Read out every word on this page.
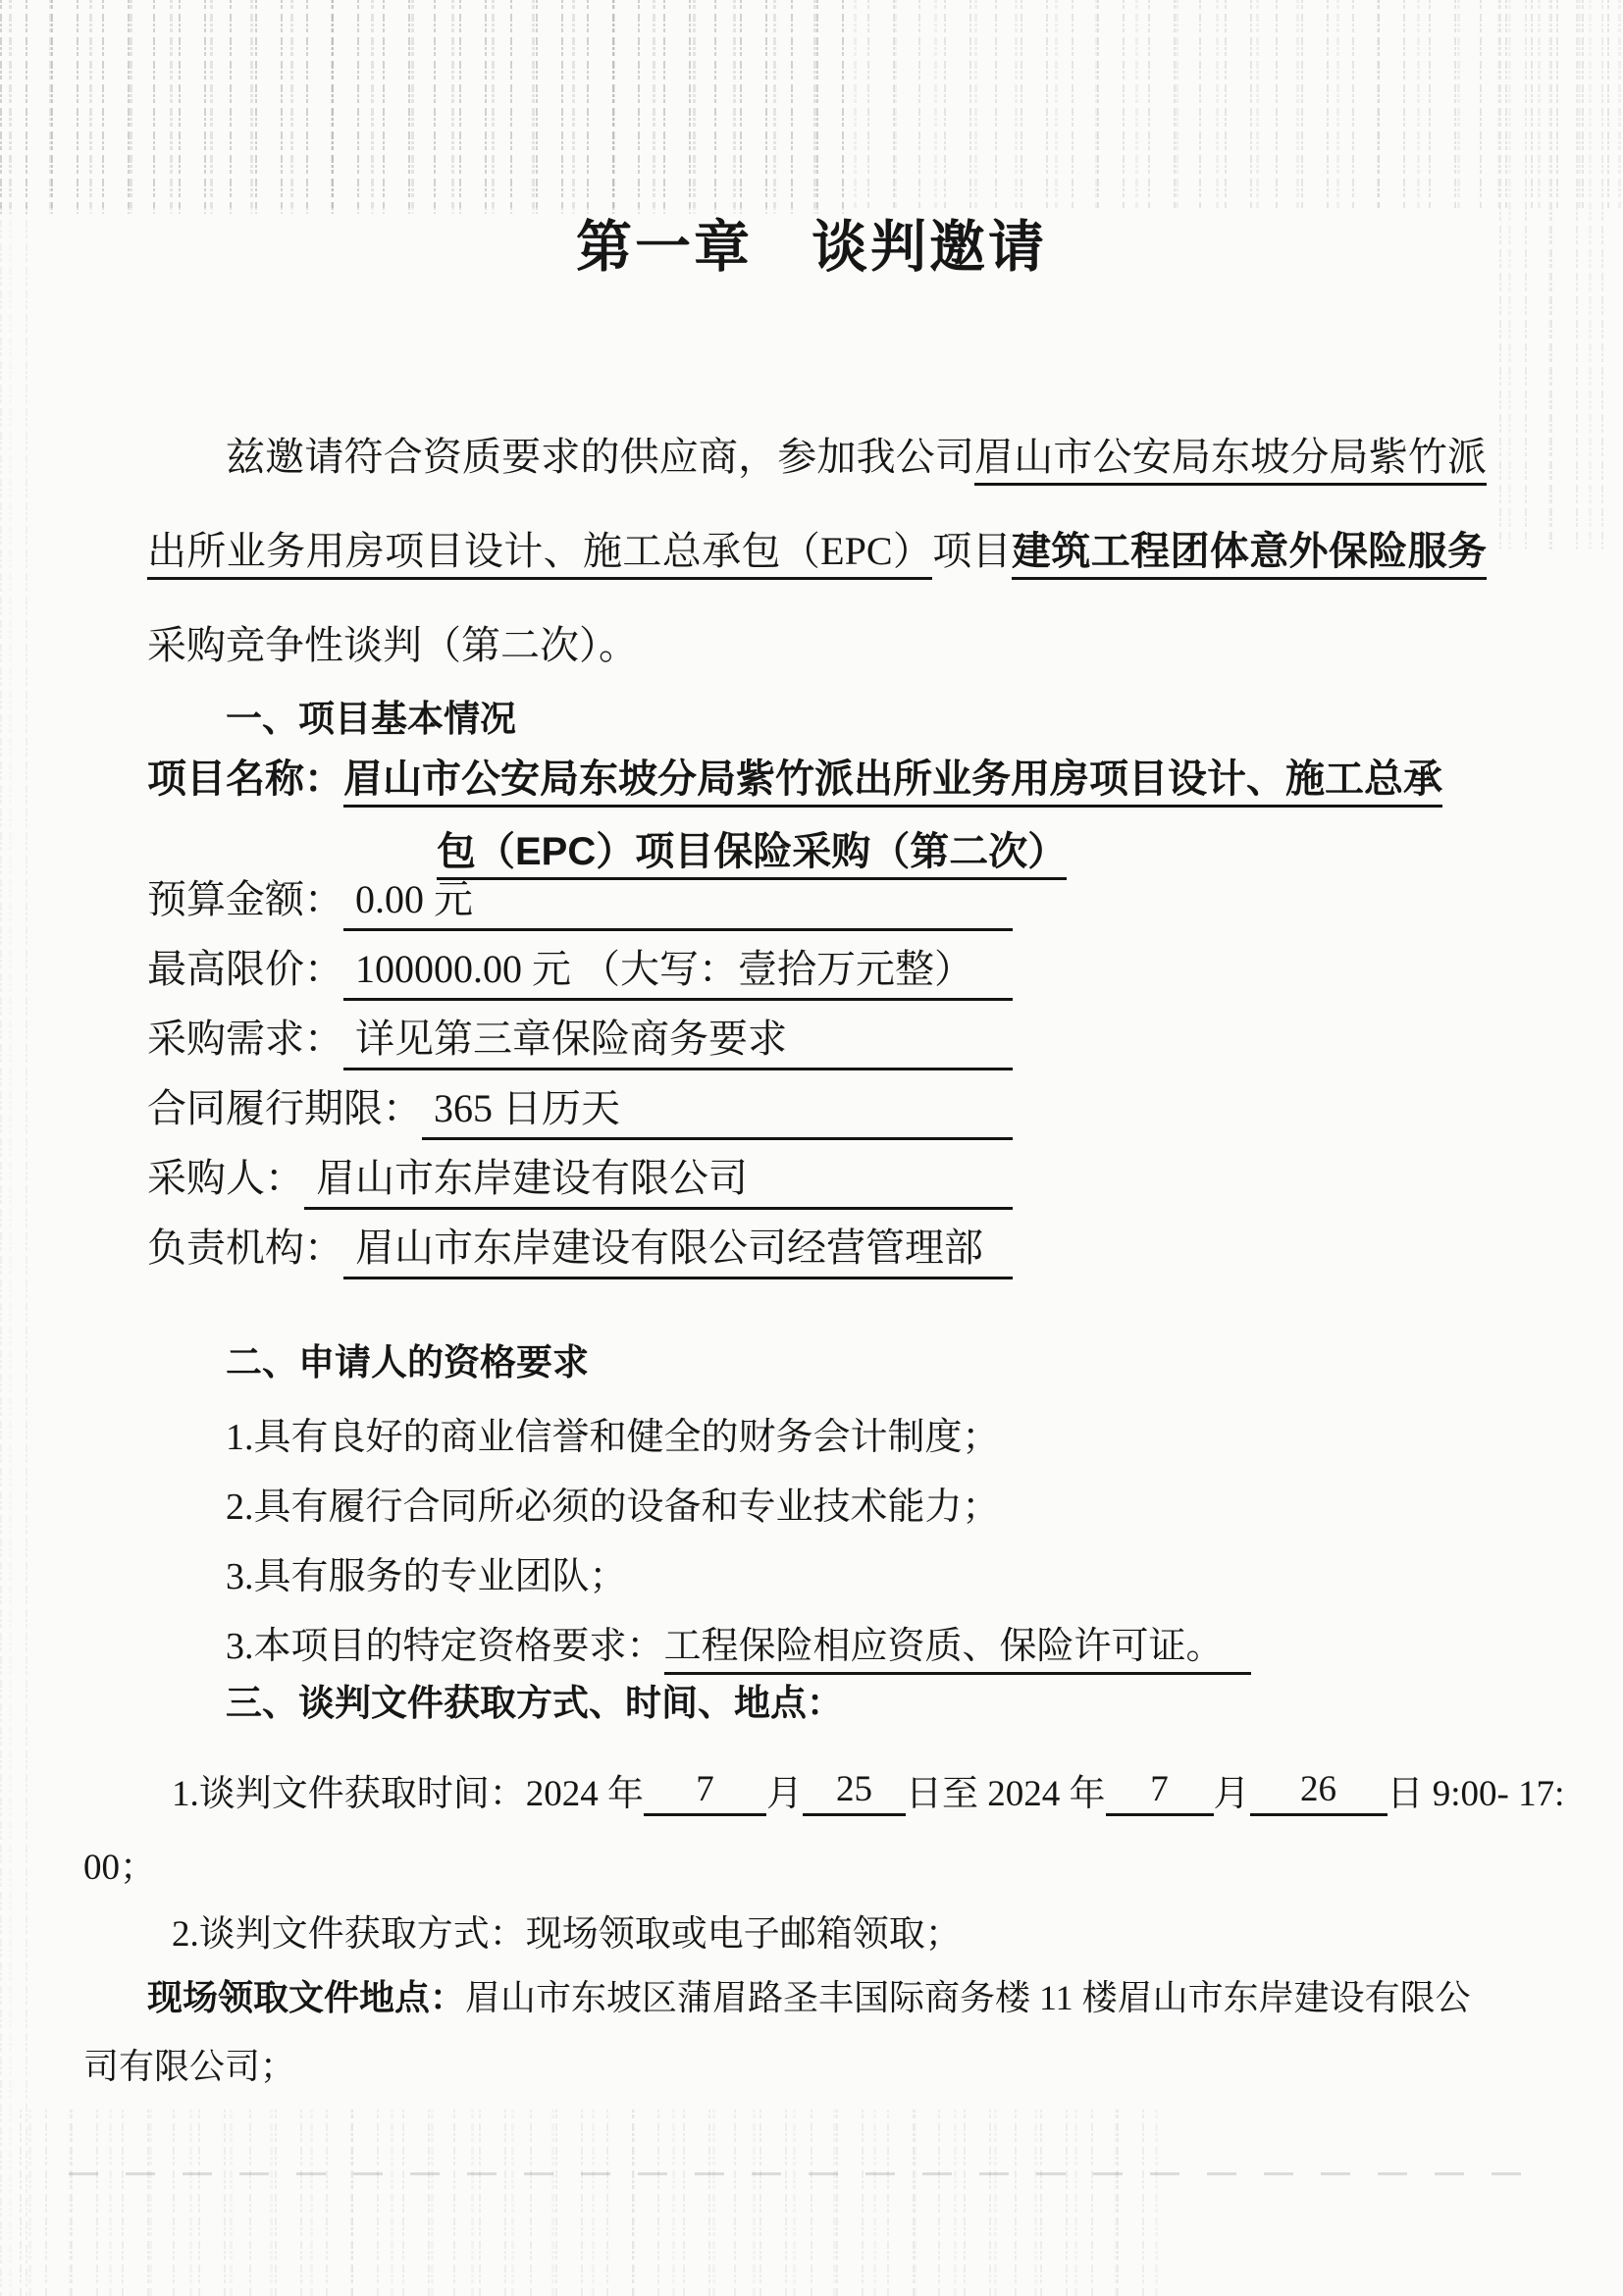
第一章　谈判邀请

兹邀请符合资质要求的供应商，参加我公司眉山市公安局东坡分局紫竹派出所业务用房项目设计、施工总承包（EPC）项目建筑工程团体意外保险服务采购竞争性谈判（第二次）。

一、项目基本情况
项目名称： 眉山市公安局东坡分局紫竹派出所业务用房项目设计、施工总承包（EPC）项目保险采购（第二次）
预算金额： 0.00 元
最高限价： 100000.00 元 （大写：壹拾万元整）
采购需求： 详见第三章保险商务要求
合同履行期限： 365 日历天
采购人： 眉山市东岸建设有限公司
负责机构： 眉山市东岸建设有限公司经营管理部
二、申请人的资格要求
1.具有良好的商业信誉和健全的财务会计制度；
2.具有履行合同所必须的设备和专业技术能力；
3.具有服务的专业团队；
3.本项目的特定资格要求：工程保险相应资质、保险许可证。
三、谈判文件获取方式、时间、地点：
1.谈判文件获取时间：2024 年 7 月 25 日至 2024 年 7 月 26 日 9:00- 17:
00；
2.谈判文件获取方式：现场领取或电子邮箱领取；
现场领取文件地点：眉山市东坡区蒲眉路圣丰国际商务楼 11 楼眉山市东岸建设有限公
司有限公司；
